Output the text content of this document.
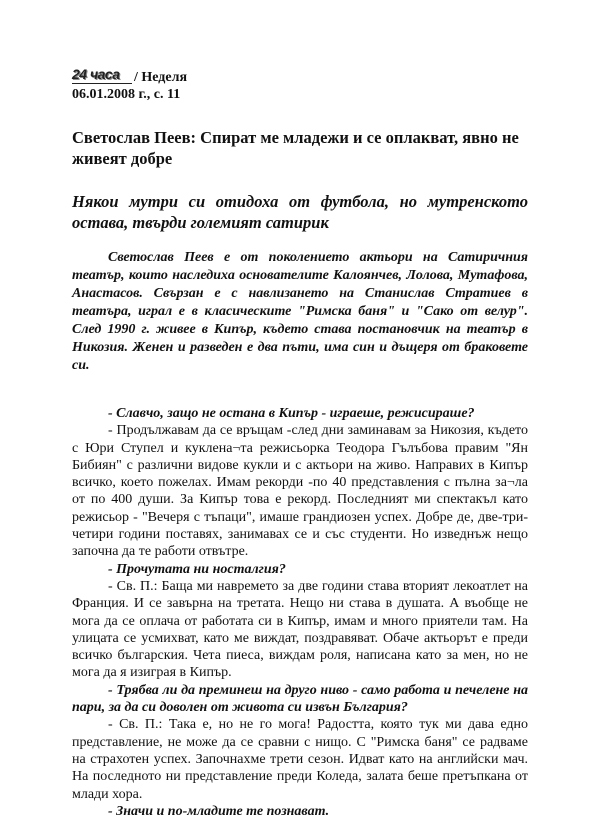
24 часа	/ Неделя
06.01.2008 г., с. 11
Светослав Пеев: Спират ме младежи и се оплакват, явно не живеят добре
Някои мутри си отидоха от футбола, но мутренското остава, твърди големият сатирик

Светослав Пеев е от поколението актьори на Сатиричния театър, които наследиха основателите Калоянчев, Лолова, Мутафова, Анастасов. Свързан е с навлизането на Станислав Стратиев в театъра, играл е в класическите "Римска баня" и "Сако от велур". След 1990 г. живее в Кипър, където става постановчик на театър в Никозия. Женен и разведен е два пъти, има син и дъщеря от браковете си.

- Славчо, защо не остана в Кипър - играеше, режисираше?

- Продължавам да се връщам -след дни заминавам за Никозия, където с Юри Ступел и куклена¬та режисьорка Теодора Гълъбова правим "Ян Бибиян" с различни видове кукли и с актьори на живо. Направих в Кипър всичко, което пожелах. Имам рекорди -по 40 представления с пълна за¬ла от по 400 души. За Кипър това е рекорд. Последният ми спектакъл като режисьор - "Вечеря с тъпаци", имаше грандиозен успех. Добре де, две-три-четири години поставях, занимавах се и със студенти. Но изведнъж нещо започна да те работи отвътре.

- Прочутата ни носталгия?

- Св. П.: Баща ми навремето за две години става вторият лекоатлет на Франция. И се завърна на третата. Нещо ни става в душата. А въобще не мога да се оплача от работата си в Кипър, имам и много приятели там. На улицата се усмихват, като ме виждат, поздравяват. Обаче актьорът е преди всичко българския. Чета пиеса, виждам роля, написана като за мен, но не мога да я изиграя в Кипър.

- Трябва ли да преминеш на друго ниво - само работа и печелене на пари, за да си доволен от живота си извън България?

- Св. П.: Така е, но не го мога! Радостта, която тук ми дава едно представление, не може да се сравни с нищо. С "Римска баня" се радваме на страхотен успех. Започнахме трети сезон. Идват като на английски мач. На последното ни представление преди Коледа, залата беше претъпкана от млади хора.

- Значи и по-младите те познават.
